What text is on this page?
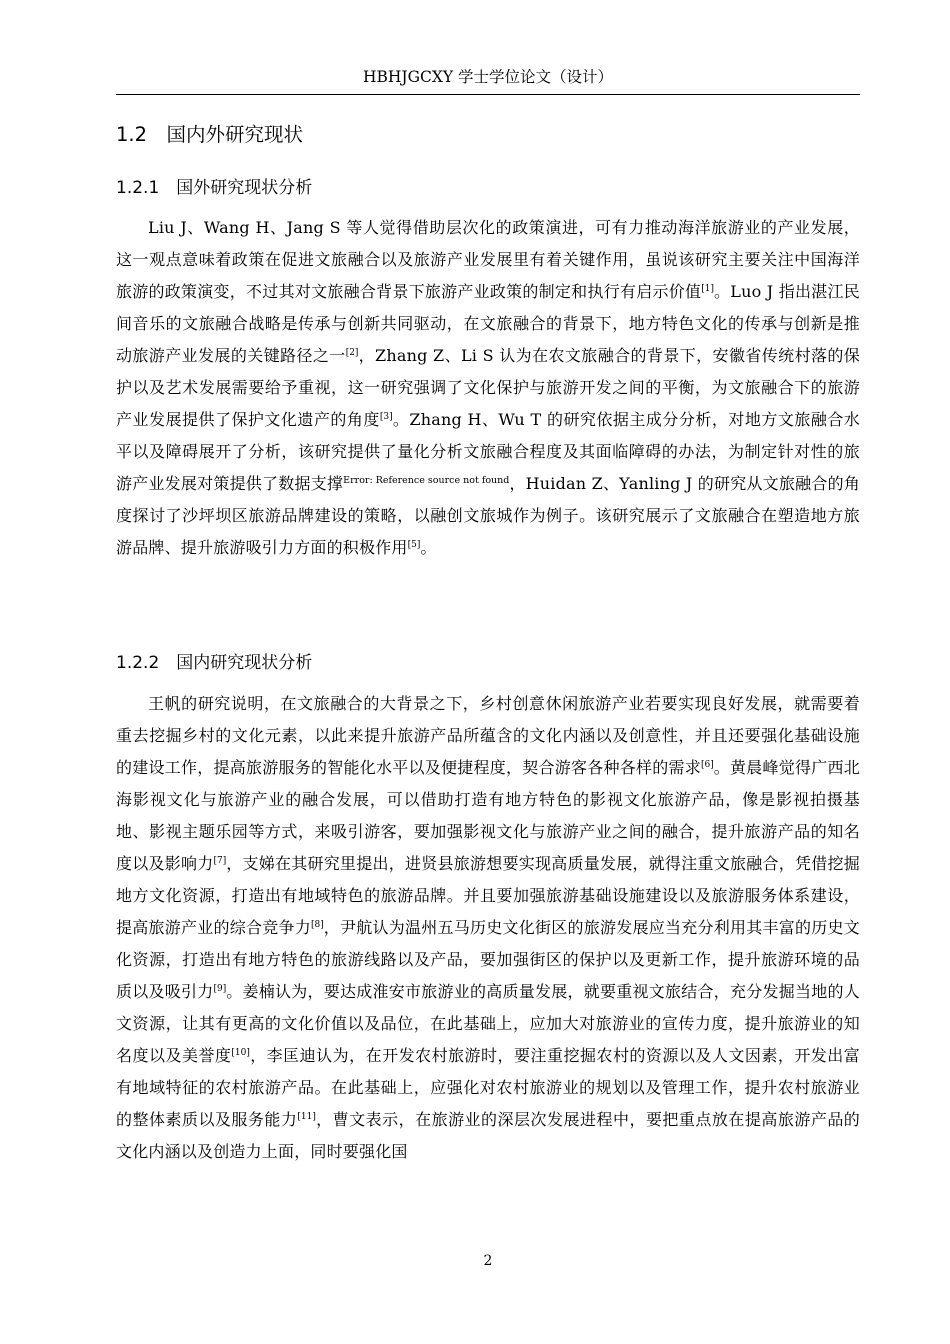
HBHJGCXY 学士学位论文（设计）
1.2　国内外研究现状
1.2.1　国外研究现状分析
Liu J、Wang H、Jang S 等人觉得借助层次化的政策演进，可有力推动海洋旅游业的产业发展，这一观点意味着政策在促进文旅融合以及旅游产业发展里有着关键作用，虽说该研究主要关注中国海洋旅游的政策演变，不过其对文旅融合背景下旅游产业政策的制定和执行有启示价值[1]。Luo J 指出湛江民间音乐的文旅融合战略是传承与创新共同驱动，在文旅融合的背景下，地方特色文化的传承与创新是推动旅游产业发展的关键路径之一[2]，Zhang Z、Li S 认为在农文旅融合的背景下，安徽省传统村落的保护以及艺术发展需要给予重视，这一研究强调了文化保护与旅游开发之间的平衡，为文旅融合下的旅游产业发展提供了保护文化遗产的角度[3]。Zhang H、Wu T 的研究依据主成分分析，对地方文旅融合水平以及障碍展开了分析，该研究提供了量化分析文旅融合程度及其面临障碍的办法，为制定针对性的旅游产业发展对策提供了数据支撑$^{Error: Reference source not found}$，Huidan Z、Yanling J 的研究从文旅融合的角度探讨了沙坪坝区旅游品牌建设的策略，以融创文旅城作为例子。该研究展示了文旅融合在塑造地方旅游品牌、提升旅游吸引力方面的积极作用[5]。
1.2.2　国内研究现状分析
王帆的研究说明，在文旅融合的大背景之下，乡村创意休闲旅游产业若要实现良好发展，就需要着重去挖掘乡村的文化元素，以此来提升旅游产品所蕴含的文化内涵以及创意性，并且还要强化基础设施的建设工作，提高旅游服务的智能化水平以及便捷程度，契合游客各种各样的需求[6]。黄晨峰觉得广西北海影视文化与旅游产业的融合发展，可以借助打造有地方特色的影视文化旅游产品，像是影视拍摄基地、影视主题乐园等方式，来吸引游客，要加强影视文化与旅游产业之间的融合，提升旅游产品的知名度以及影响力[7]，支娣在其研究里提出，进贤县旅游想要实现高质量发展，就得注重文旅融合，凭借挖掘地方文化资源，打造出有地域特色的旅游品牌。并且要加强旅游基础设施建设以及旅游服务体系建设，提高旅游产业的综合竞争力[8]，尹航认为温州五马历史文化街区的旅游发展应当充分利用其丰富的历史文化资源，打造出有地方特色的旅游线路以及产品，要加强街区的保护以及更新工作，提升旅游环境的品质以及吸引力[9]。姜楠认为，要达成淮安市旅游业的高质量发展，就要重视文旅结合，充分发掘当地的人文资源，让其有更高的文化价值以及品位，在此基础上，应加大对旅游业的宣传力度，提升旅游业的知名度以及美誉度[10]，李匡迪认为，在开发农村旅游时，要注重挖掘农村的资源以及人文因素，开发出富有地域特征的农村旅游产品。在此基础上，应强化对农村旅游业的规划以及管理工作，提升农村旅游业的整体素质以及服务能力[11]，曹文表示，在旅游业的深层次发展进程中，要把重点放在提高旅游产品的文化内涵以及创造力上面，同时要强化国
2
